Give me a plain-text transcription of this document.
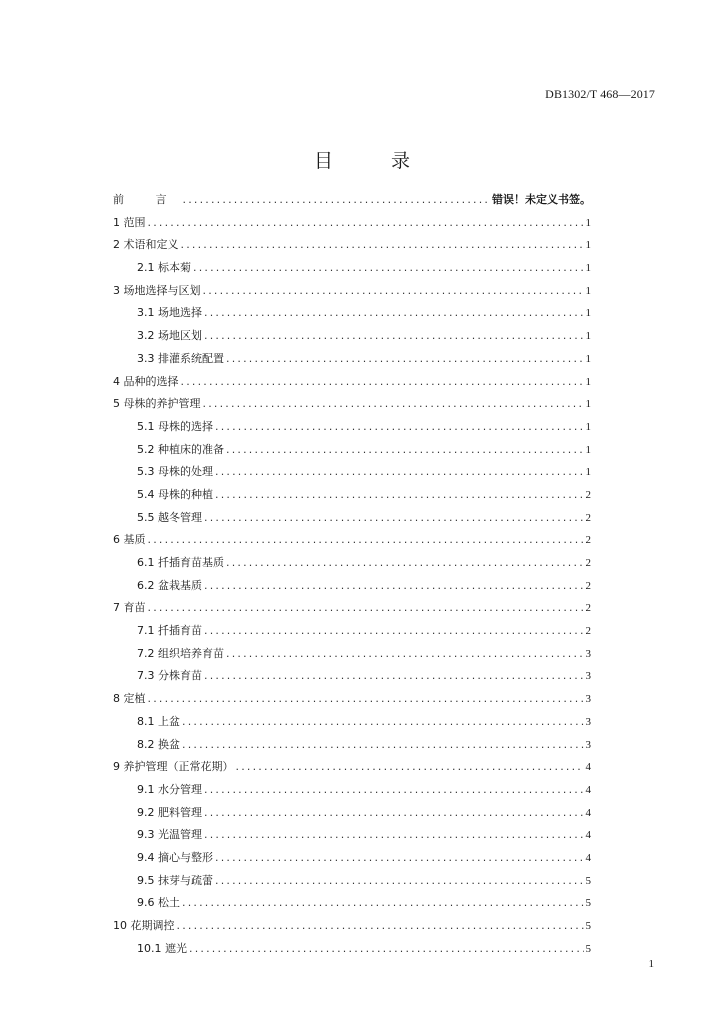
DB1302/T 468—2017
目 录
前 言 .....	错误！未定义书签。
1 范围 .....	1
2 术语和定义 .....	1
2.1 标本菊 .....	1
3 场地选择与区划 .....	1
3.1 场地选择 .....	1
3.2 场地区划 .....	1
3.3 排灌系统配置 .....	1
4 品种的选择 .....	1
5 母株的养护管理 .....	1
5.1 母株的选择 .....	1
5.2 种植床的准备 .....	1
5.3 母株的处理 .....	1
5.4 母株的种植 .....	2
5.5 越冬管理 .....	2
6 基质 .....	2
6.1 扦插育苗基质 .....	2
6.2 盆栽基质 .....	2
7 育苗 .....	2
7.1 扦插育苗 .....	2
7.2 组织培养育苗 .....	3
7.3 分株育苗 .....	3
8 定植 .....	3
8.1 上盆 .....	3
8.2 换盆 .....	3
9 养护管理（正常花期） .....	4
9.1 水分管理 .....	4
9.2 肥料管理 .....	4
9.3 光温管理 .....	4
9.4 摘心与整形 .....	4
9.5 抹芽与疏蕾 .....	5
9.6 松土 .....	5
10 花期调控 .....	5
10.1 遮光 .....	5
1
